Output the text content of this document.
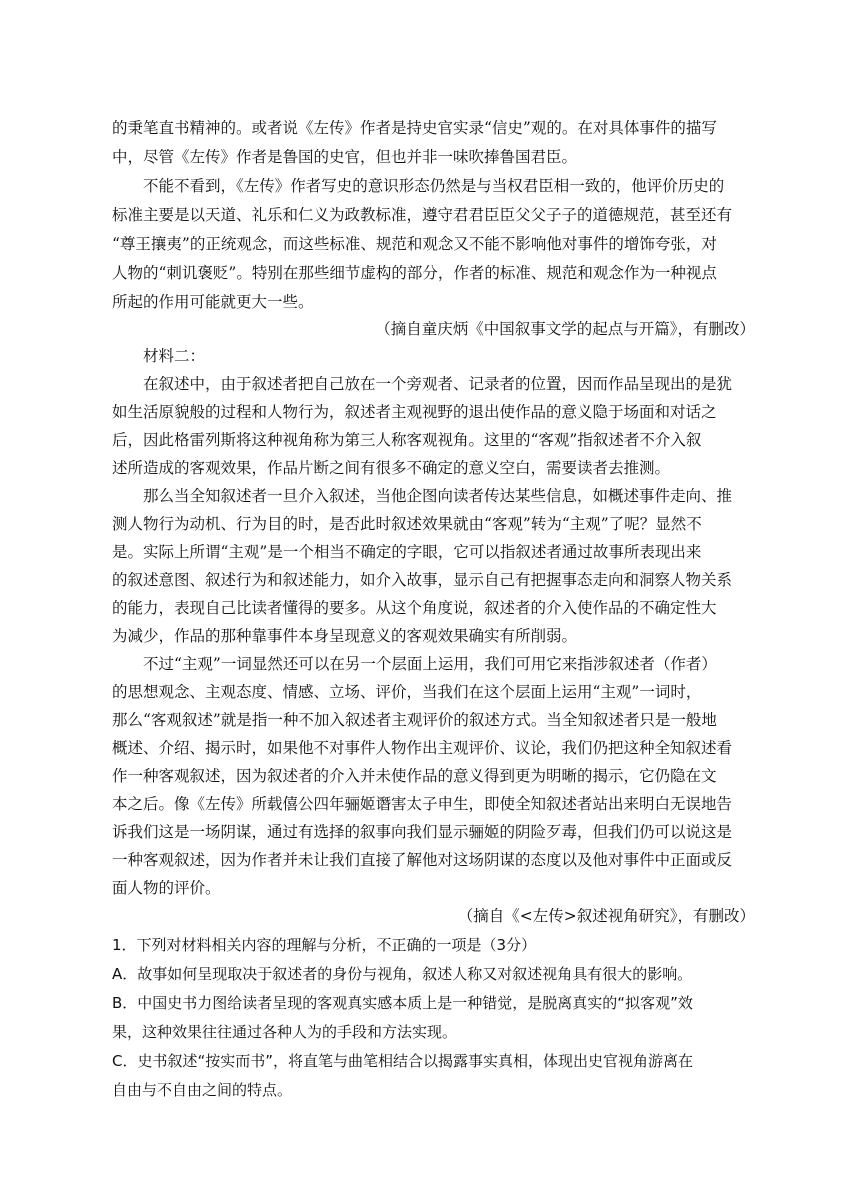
的秉笔直书精神的。或者说《左传》作者是持史官实录“信史”观的。在对具体事件的描写
中，尽管《左传》作者是鲁国的史官，但也并非一味吹捧鲁国君臣。
不能不看到，《左传》作者写史的意识形态仍然是与当权君臣相一致的，他评价历史的
标准主要是以天道、礼乐和仁义为政教标准，遵守君君臣臣父父子子的道德规范，甚至还有
“尊王攘夷”的正统观念，而这些标准、规范和观念又不能不影响他对事件的增饰夸张，对
人物的“刺讥褒贬”。特别在那些细节虚构的部分，作者的标准、规范和观念作为一种视点
所起的作用可能就更大一些。
（摘自童庆炳《中国叙事文学的起点与开篇》，有删改）
材料二：
在叙述中，由于叙述者把自己放在一个旁观者、记录者的位置，因而作品呈现出的是犹
如生活原貌般的过程和人物行为，叙述者主观视野的退出使作品的意义隐于场面和对话之
后，因此格雷列斯将这种视角称为第三人称客观视角。这里的“客观”指叙述者不介入叙
述所造成的客观效果，作品片断之间有很多不确定的意义空白，需要读者去推测。
那么当全知叙述者一旦介入叙述，当他企图向读者传达某些信息，如概述事件走向、推
测人物行为动机、行为目的时，是否此时叙述效果就由“客观”转为“主观”了呢？显然不
是。实际上所谓“主观”是一个相当不确定的字眼，它可以指叙述者通过故事所表现出来
的叙述意图、叙述行为和叙述能力，如介入故事，显示自己有把握事态走向和洞察人物关系
的能力，表现自己比读者懂得的要多。从这个角度说，叙述者的介入使作品的不确定性大
为减少，作品的那种靠事件本身呈现意义的客观效果确实有所削弱。
不过“主观”一词显然还可以在另一个层面上运用，我们可用它来指涉叙述者（作者）
的思想观念、主观态度、情感、立场、评价，当我们在这个层面上运用“主观”一词时，
那么“客观叙述”就是指一种不加入叙述者主观评价的叙述方式。当全知叙述者只是一般地
概述、介绍、揭示时，如果他不对事件人物作出主观评价、议论，我们仍把这种全知叙述看
作一种客观叙述，因为叙述者的介入并未使作品的意义得到更为明晰的揭示，它仍隐在文
本之后。像《左传》所载僖公四年骊姬谮害太子申生，即使全知叙述者站出来明白无误地告
诉我们这是一场阴谋，通过有选择的叙事向我们显示骊姬的阴险歹毒，但我们仍可以说这是
一种客观叙述，因为作者并未让我们直接了解他对这场阴谋的态度以及他对事件中正面或反
面人物的评价。
（摘自《<左传>叙述视角研究》，有删改）
1．下列对材料相关内容的理解与分析，不正确的一项是（3分）
A．故事如何呈现取决于叙述者的身份与视角，叙述人称又对叙述视角具有很大的影响。
B．中国史书力图给读者呈现的客观真实感本质上是一种错觉，是脱离真实的“拟客观”效
果，这种效果往往通过各种人为的手段和方法实现。
C．史书叙述“按实而书”，将直笔与曲笔相结合以揭露事实真相，体现出史官视角游离在
自由与不自由之间的特点。
